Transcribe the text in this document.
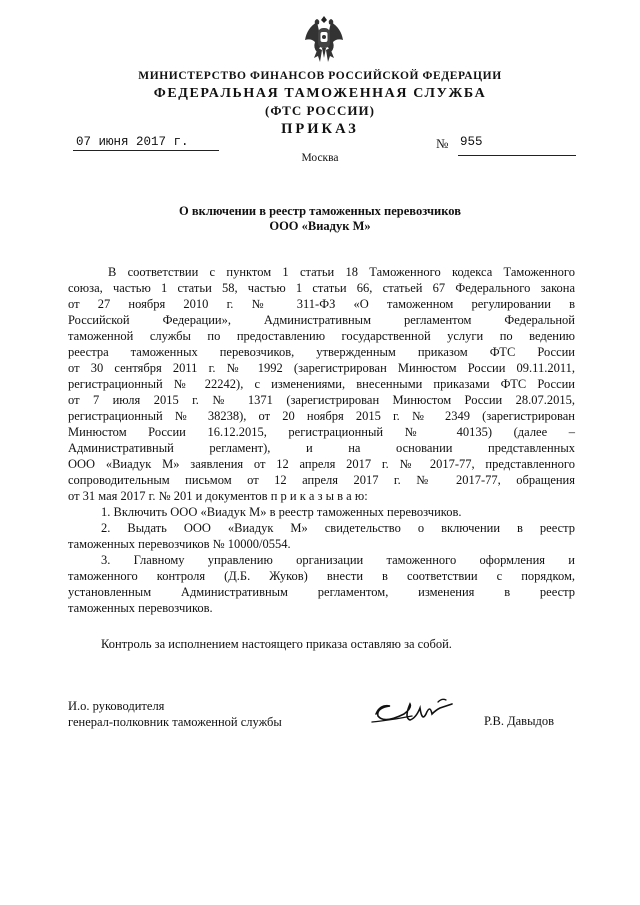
МИНИСТЕРСТВО ФИНАНСОВ РОССИЙСКОЙ ФЕДЕРАЦИИ
ФЕДЕРАЛЬНАЯ ТАМОЖЕННАЯ СЛУЖБА
(ФТС РОССИИ)
ПРИКАЗ
07 июня 2017 г.	№ 955
Москва
О включении в реестр таможенных перевозчиков
ООО «Виадук М»
В соответствии с пунктом 1 статьи 18 Таможенного кодекса Таможенного
союза, частью 1 статьи 58, частью 1 статьи 66, статьей 67 Федерального закона
от 27 ноября 2010 г. № 311-ФЗ «О таможенном регулировании в
Российской Федерации», Административным регламентом Федеральной
таможенной службы по предоставлению государственной услуги по ведению
реестра таможенных перевозчиков, утвержденным приказом ФТС России
от 30 сентября 2011 г. № 1992 (зарегистрирован Минюстом России 09.11.2011,
регистрационный № 22242), с изменениями, внесенными приказами ФТС России
от 7 июля 2015 г. № 1371 (зарегистрирован Минюстом России 28.07.2015,
регистрационный № 38238), от 20 ноября 2015 г. № 2349 (зарегистрирован
Минюстом России 16.12.2015, регистрационный № 40135) (далее –
Административный регламент), и на основании представленных
ООО «Виадук М» заявления от 12 апреля 2017 г. № 2017-77, представленного
сопроводительным письмом от 12 апреля 2017 г. № 2017-77, обращения
от 31 мая 2017 г. № 201 и документов п р и к а з ы в а ю:
1. Включить ООО «Виадук М» в реестр таможенных перевозчиков.
2. Выдать ООО «Виадук М» свидетельство о включении в реестр
таможенных перевозчиков № 10000/0554.
3. Главному управлению организации таможенного оформления и
таможенного контроля (Д.Б. Жуков) внести в соответствии с порядком,
установленным Административным регламентом, изменения в реестр
таможенных перевозчиков.
Контроль за исполнением настоящего приказа оставляю за собой.
И.о. руководителя
генерал-полковник таможенной службы	Р.В. Давыдов
